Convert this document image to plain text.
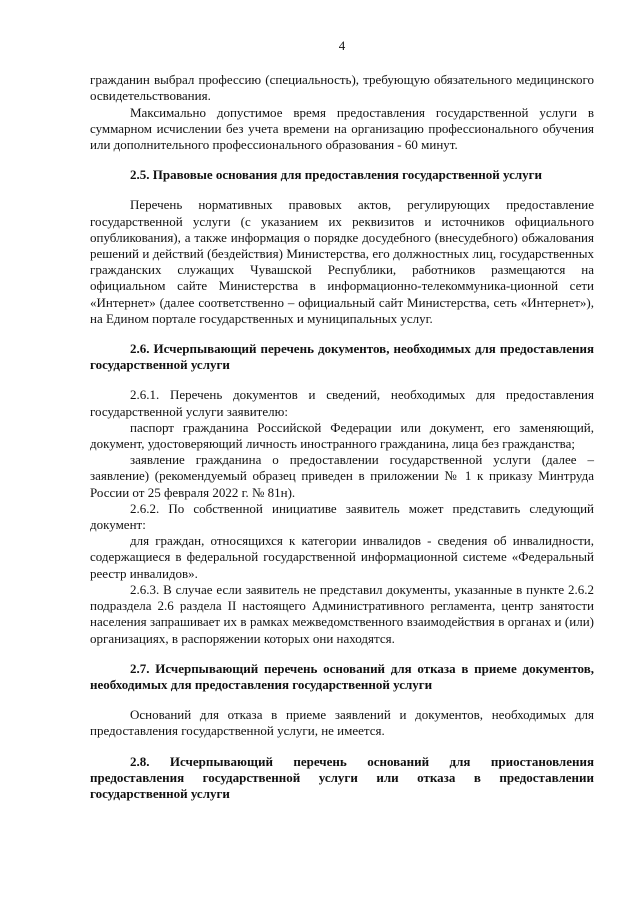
4

гражданин выбрал профессию (специальность), требующую обязательного медицинского освидетельствования.

Максимально допустимое время предоставления государственной услуги в суммарном исчислении без учета времени на организацию профессионального обучения или дополнительного профессионального образования - 60 минут.

2.5. Правовые основания для предоставления государственной услуги

Перечень нормативных правовых актов, регулирующих предоставление государственной услуги (с указанием их реквизитов и источников официального опубликования), а также информация о порядке досудебного (внесудебного) обжалования решений и действий (бездействия) Министерства, его должностных лиц, государственных гражданских служащих Чувашской Республики, работников размещаются на официальном сайте Министерства в информационно-телекоммуника-ционной сети «Интернет» (далее соответственно – официальный сайт Министерства, сеть «Интернет»), на Едином портале государственных и муниципальных услуг.

2.6. Исчерпывающий перечень документов, необходимых для предоставления государственной услуги

2.6.1. Перечень документов и сведений, необходимых для предоставления государственной услуги заявителю:

паспорт гражданина Российской Федерации или документ, его заменяющий, документ, удостоверяющий личность иностранного гражданина, лица без гражданства;

заявление гражданина о предоставлении государственной услуги (далее – заявление) (рекомендуемый образец приведен в приложении № 1 к приказу Минтруда России от 25 февраля 2022 г. № 81н).

2.6.2. По собственной инициативе заявитель может представить следующий документ:

для граждан, относящихся к категории инвалидов - сведения об инвалидности, содержащиеся в федеральной государственной информационной системе «Федеральный реестр инвалидов».

2.6.3. В случае если заявитель не представил документы, указанные в пункте 2.6.2 подраздела 2.6 раздела II настоящего Административного регламента, центр занятости населения запрашивает их в рамках межведомственного взаимодействия в органах и (или) организациях, в распоряжении которых они находятся.

2.7. Исчерпывающий перечень оснований для отказа в приеме документов, необходимых для предоставления государственной услуги

Оснований для отказа в приеме заявлений и документов, необходимых для предоставления государственной услуги, не имеется.

2.8. Исчерпывающий перечень оснований для приостановления предоставления государственной услуги или отказа в предоставлении государственной услуги
